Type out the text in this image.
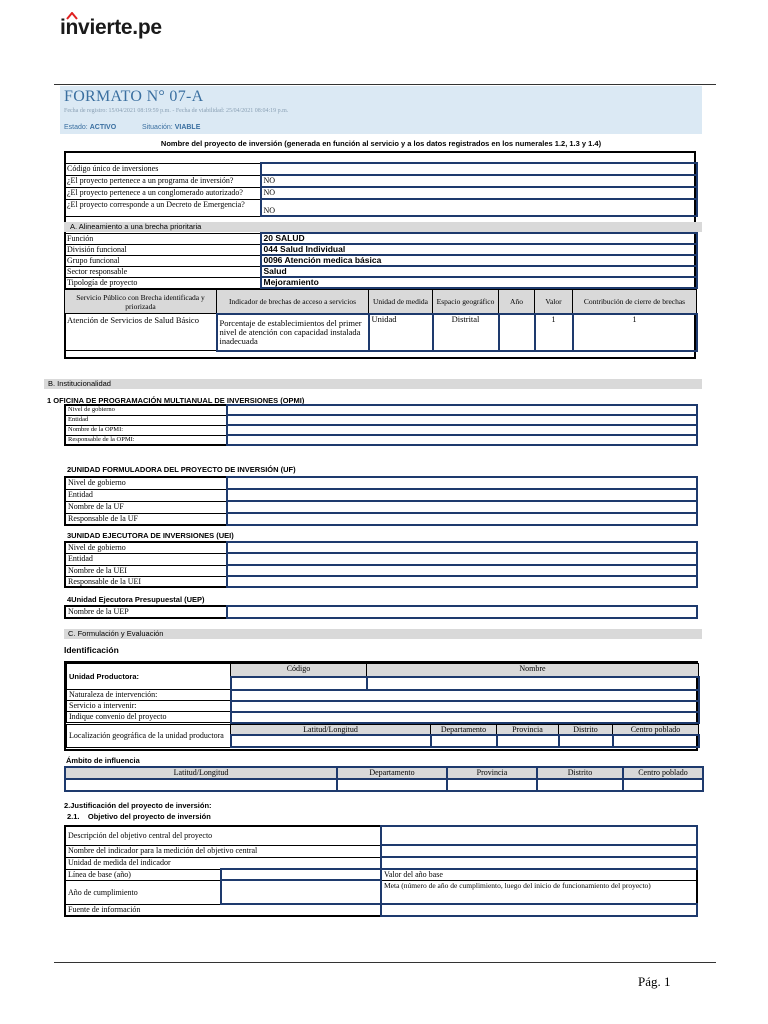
invierte.pe
FORMATO N° 07-A
Fecha de registro: 15/04/2021 08:19:59 p.m. - Fecha de viabilidad: 25/04/2021 08:04:19 p.m.
Estado: ACTIVO	Situación: VIABLE
Nombre del proyecto de inversión (generada en función al servicio y a los datos registrados en los numerales 1.2, 1.3 y 1.4)
Código único de inversiones	
¿El proyecto pertenece a un programa de inversión?	NO
¿El proyecto pertenece a un conglomerado autorizado?	NO
¿El proyecto corresponde a un Decreto de Emergencia?	NO
A. Alineamiento a una brecha prioritaria
Función	20 SALUD
División funcional	044 Salud Individual
Grupo funcional	0096 Atención medica básica
Sector responsable	Salud
Tipología de proyecto	Mejoramiento
Servicio Público con Brecha identificada y priorizada	Indicador de brechas de acceso a servicios	Unidad de medida	Espacio geográfico	Año	Valor	Contribución de cierre de brechas
Atención de Servicios de Salud Básico	Porcentaje de establecimientos del primer nivel de atención con capacidad instalada inadecuada	Unidad	Distrital		1	1
B. Institucionalidad
1 OFICINA DE PROGRAMACIÓN MULTIANUAL DE INVERSIONES (OPMI)
Nivel de gobierno	
Entidad	
Nombre de la OPMI:	
Responsable de la OPMI:	
2UNIDAD FORMULADORA DEL PROYECTO DE INVERSIÓN (UF)
Nivel de gobierno	
Entidad	
Nombre de la UF	
Responsable de la UF	
3UNIDAD EJECUTORA DE INVERSIONES (UEI)
Nivel de gobierno	
Entidad	
Nombre de la UEI	
Responsable de la UEI	
4Unidad Ejecutora Presupuestal (UEP)
Nombre de la UEP	
C. Formulación y Evaluación
Identificación
Unidad Productora:	Código	Nombre

Naturaleza de intervención:		
Servicio a intervenir:		
Indique convenio del proyecto		
Localización geográfica de la unidad productora	Latitud/Longitud	Departamento	Provincia	Distrito	Centro poblado

Ámbito de influencia
Latitud/Longitud	Departamento	Provincia	Distrito	Centro poblado

2.Justificación del proyecto de inversión:
2.1. Objetivo del proyecto de inversión
Descripción del objetivo central del proyecto		
Nombre del indicador para la medición del objetivo central		
Unidad de medida del indicador		
Línea de base (año)		Valor del año base
Año de cumplimiento		Meta (número de año de cumplimiento, luego del inicio de funcionamiento del proyecto)
Fuente de información		
Pág. 1
